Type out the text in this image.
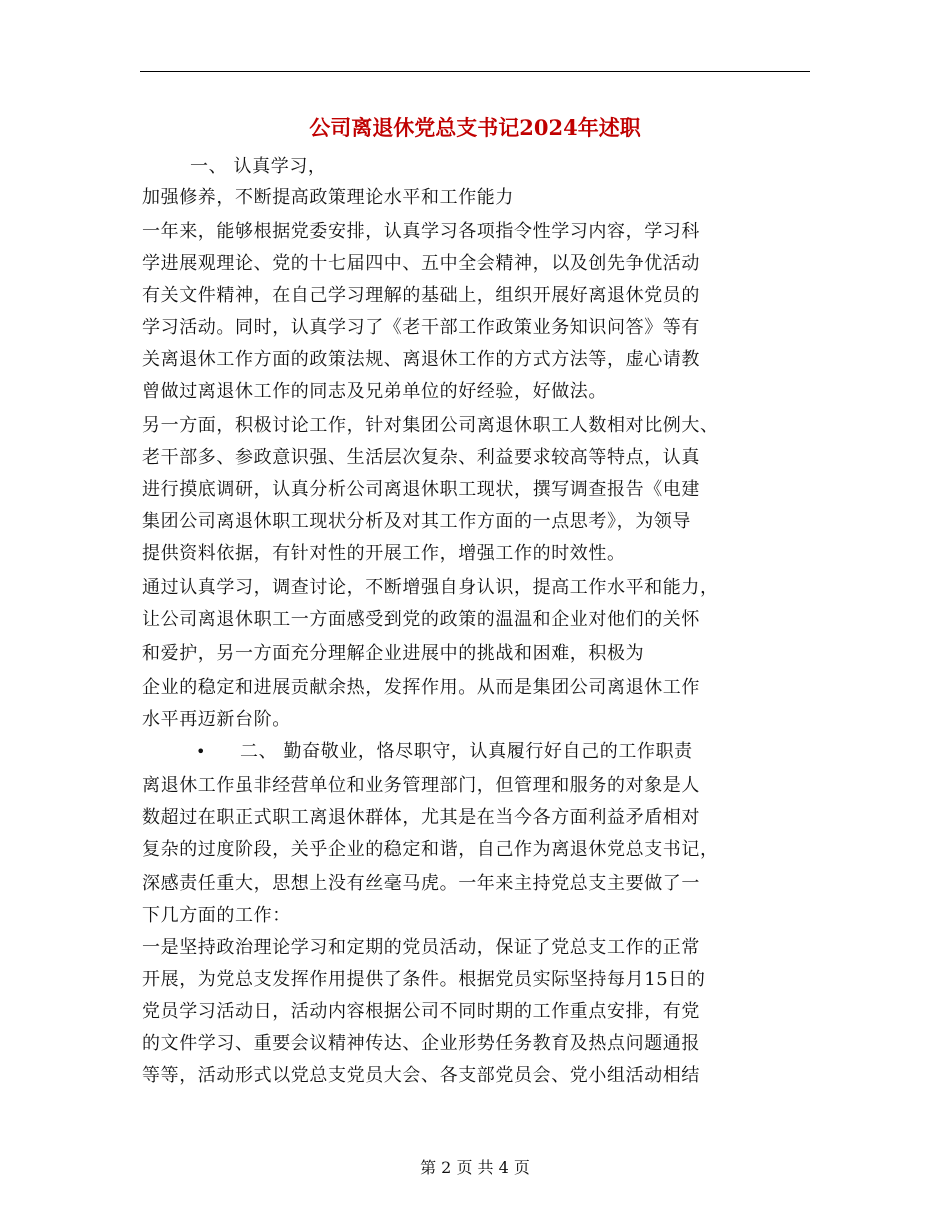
公司离退休党总支书记2024年述职
一、 认真学习，
加强修养，不断提高政策理论水平和工作能力
一年来，能够根据党委安排，认真学习各项指令性学习内容，学习科
学进展观理论、党的十七届四中、五中全会精神，以及创先争优活动
有关文件精神，在自己学习理解的基础上，组织开展好离退休党员的
学习活动。同时，认真学习了《老干部工作政策业务知识问答》等有
关离退休工作方面的政策法规、离退休工作的方式方法等，虚心请教
曾做过离退休工作的同志及兄弟单位的好经验，好做法。
另一方面，积极讨论工作，针对集团公司离退休职工人数相对比例大、
老干部多、参政意识强、生活层次复杂、利益要求较高等特点，认真
进行摸底调研，认真分析公司离退休职工现状，撰写调查报告《电建
集团公司离退休职工现状分析及对其工作方面的一点思考》，为领导
提供资料依据，有针对性的开展工作，增强工作的时效性。
通过认真学习，调查讨论，不断增强自身认识，提高工作水平和能力，
让公司离退休职工一方面感受到党的政策的温温和企业对他们的关怀
和爱护，另一方面充分理解企业进展中的挑战和困难，积极为
企业的稳定和进展贡献余热，发挥作用。从而是集团公司离退休工作
水平再迈新台阶。
• 二、 勤奋敬业，恪尽职守，认真履行好自己的工作职责
离退休工作虽非经营单位和业务管理部门，但管理和服务的对象是人
数超过在职正式职工离退休群体，尤其是在当今各方面利益矛盾相对
复杂的过度阶段，关乎企业的稳定和谐，自己作为离退休党总支书记，
深感责任重大，思想上没有丝毫马虎。一年来主持党总支主要做了一
下几方面的工作：
一是坚持政治理论学习和定期的党员活动，保证了党总支工作的正常
开展，为党总支发挥作用提供了条件。根据党员实际坚持每月15日的
党员学习活动日，活动内容根据公司不同时期的工作重点安排，有党
的文件学习、重要会议精神传达、企业形势任务教育及热点问题通报
等等，活动形式以党总支党员大会、各支部党员会、党小组活动相结
第 2 页 共 4 页
